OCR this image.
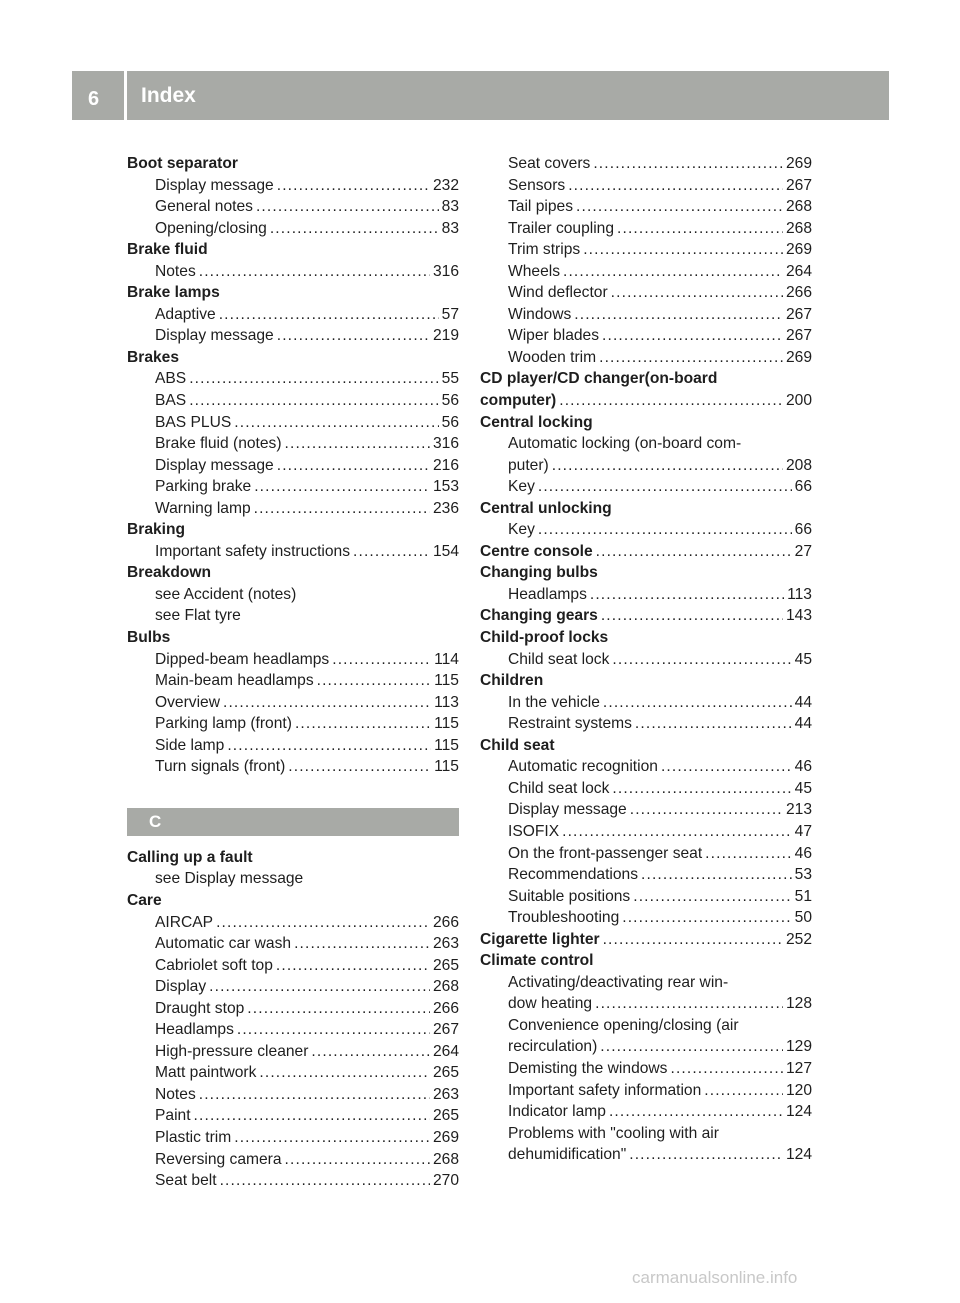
6	Index
Boot separator
Display message . . .	232
General notes . . .	83
Opening/closing . . .	83
Brake fluid
Notes . . .	316
Brake lamps
Adaptive . . .	57
Display message . . .	219
Brakes
ABS . . .	55
BAS . . .	56
BAS PLUS . . .	56
Brake fluid (notes) . . .	316
Display message . . .	216
Parking brake . . .	153
Warning lamp . . .	236
Braking
Important safety instructions . . .	154
Breakdown
see Accident (notes)
see Flat tyre
Bulbs
Dipped-beam headlamps . . .	114
Main-beam headlamps . . .	115
Overview . . .	113
Parking lamp (front) . . .	115
Side lamp . . .	115
Turn signals (front) . . .	115
C
Calling up a fault
see Display message
Care
AIRCAP . . .	266
Automatic car wash . . .	263
Cabriolet soft top . . .	265
Display . . .	268
Draught stop . . .	266
Headlamps . . .	267
High-pressure cleaner . . .	264
Matt paintwork . . .	265
Notes . . .	263
Paint . . .	265
Plastic trim . . .	269
Reversing camera . . .	268
Seat belt . . .	270
Seat covers . . .	269
Sensors . . .	267
Tail pipes . . .	268
Trailer coupling . . .	268
Trim strips . . .	269
Wheels . . .	264
Wind deflector . . .	266
Windows . . .	267
Wiper blades . . .	267
Wooden trim . . .	269
CD player/CD changer(on-board
computer) . . .	200
Central locking
Automatic locking (on-board com-
puter) . . .	208
Key . . .	66
Central unlocking
Key . . .	66
Centre console . . .	27
Changing bulbs
Headlamps . . .	113
Changing gears . . .	143
Child-proof locks
Child seat lock . . .	45
Children
In the vehicle . . .	44
Restraint systems . . .	44
Child seat
Automatic recognition . . .	46
Child seat lock . . .	45
Display message . . .	213
ISOFIX . . .	47
On the front-passenger seat . . .	46
Recommendations . . .	53
Suitable positions . . .	51
Troubleshooting . . .	50
Cigarette lighter . . .	252
Climate control
Activating/deactivating rear win-
dow heating . . .	128
Convenience opening/closing (air
recirculation) . . .	129
Demisting the windows . . .	127
Important safety information . . .	120
Indicator lamp . . .	124
Problems with "cooling with air
dehumidification" . . .	124
carmanualsonline.info
